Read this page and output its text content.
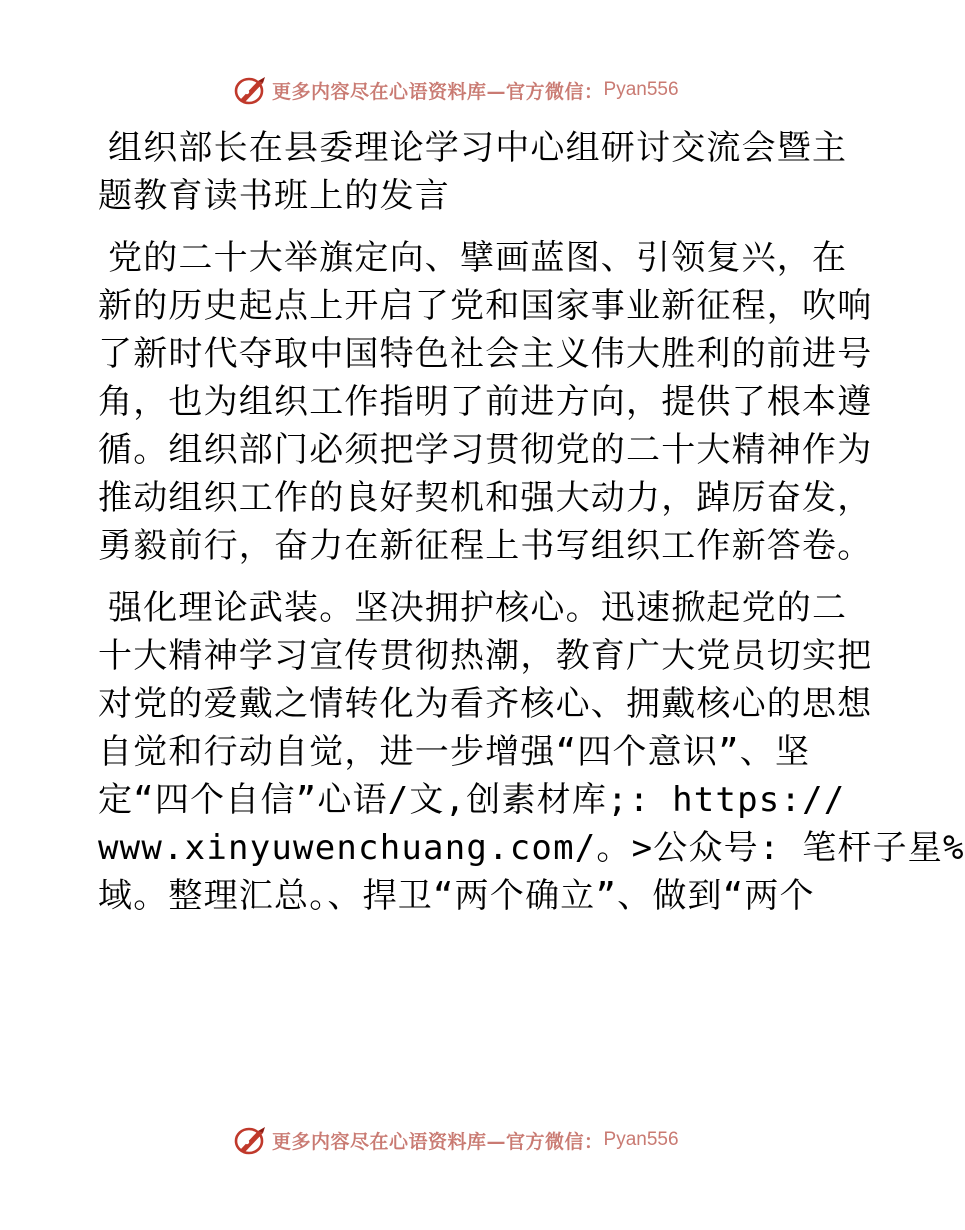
更多内容尽在心语资料库—官方微信： Pyan556
组织部长在县委理论学习中心组研讨交流会暨主
题教育读书班上的发言
党的二十大举旗定向、擘画蓝图、引领复兴，在
新的历史起点上开启了党和国家事业新征程，吹响
了新时代夺取中国特色社会主义伟大胜利的前进号
角，也为组织工作指明了前进方向，提供了根本遵
循。组织部门必须把学习贯彻党的二十大精神作为
推动组织工作的良好契机和强大动力，踔厉奋发，
勇毅前行，奋力在新征程上书写组织工作新答卷。
强化理论武装。坚决拥护核心。迅速掀起党的二
十大精神学习宣传贯彻热潮，教育广大党员切实把
对党的爱戴之情转化为看齐核心、拥戴核心的思想
自觉和行动自觉，进一步增强“四个意识”、坚
定“四个自信”心语/文,创素材库;: https://
www.xinyuwenchuang.com/。>公众号: 笔杆子星%
域。整理汇总。、捍卫“两个确立”、做到“两个
更多内容尽在心语资料库—官方微信： Pyan556
